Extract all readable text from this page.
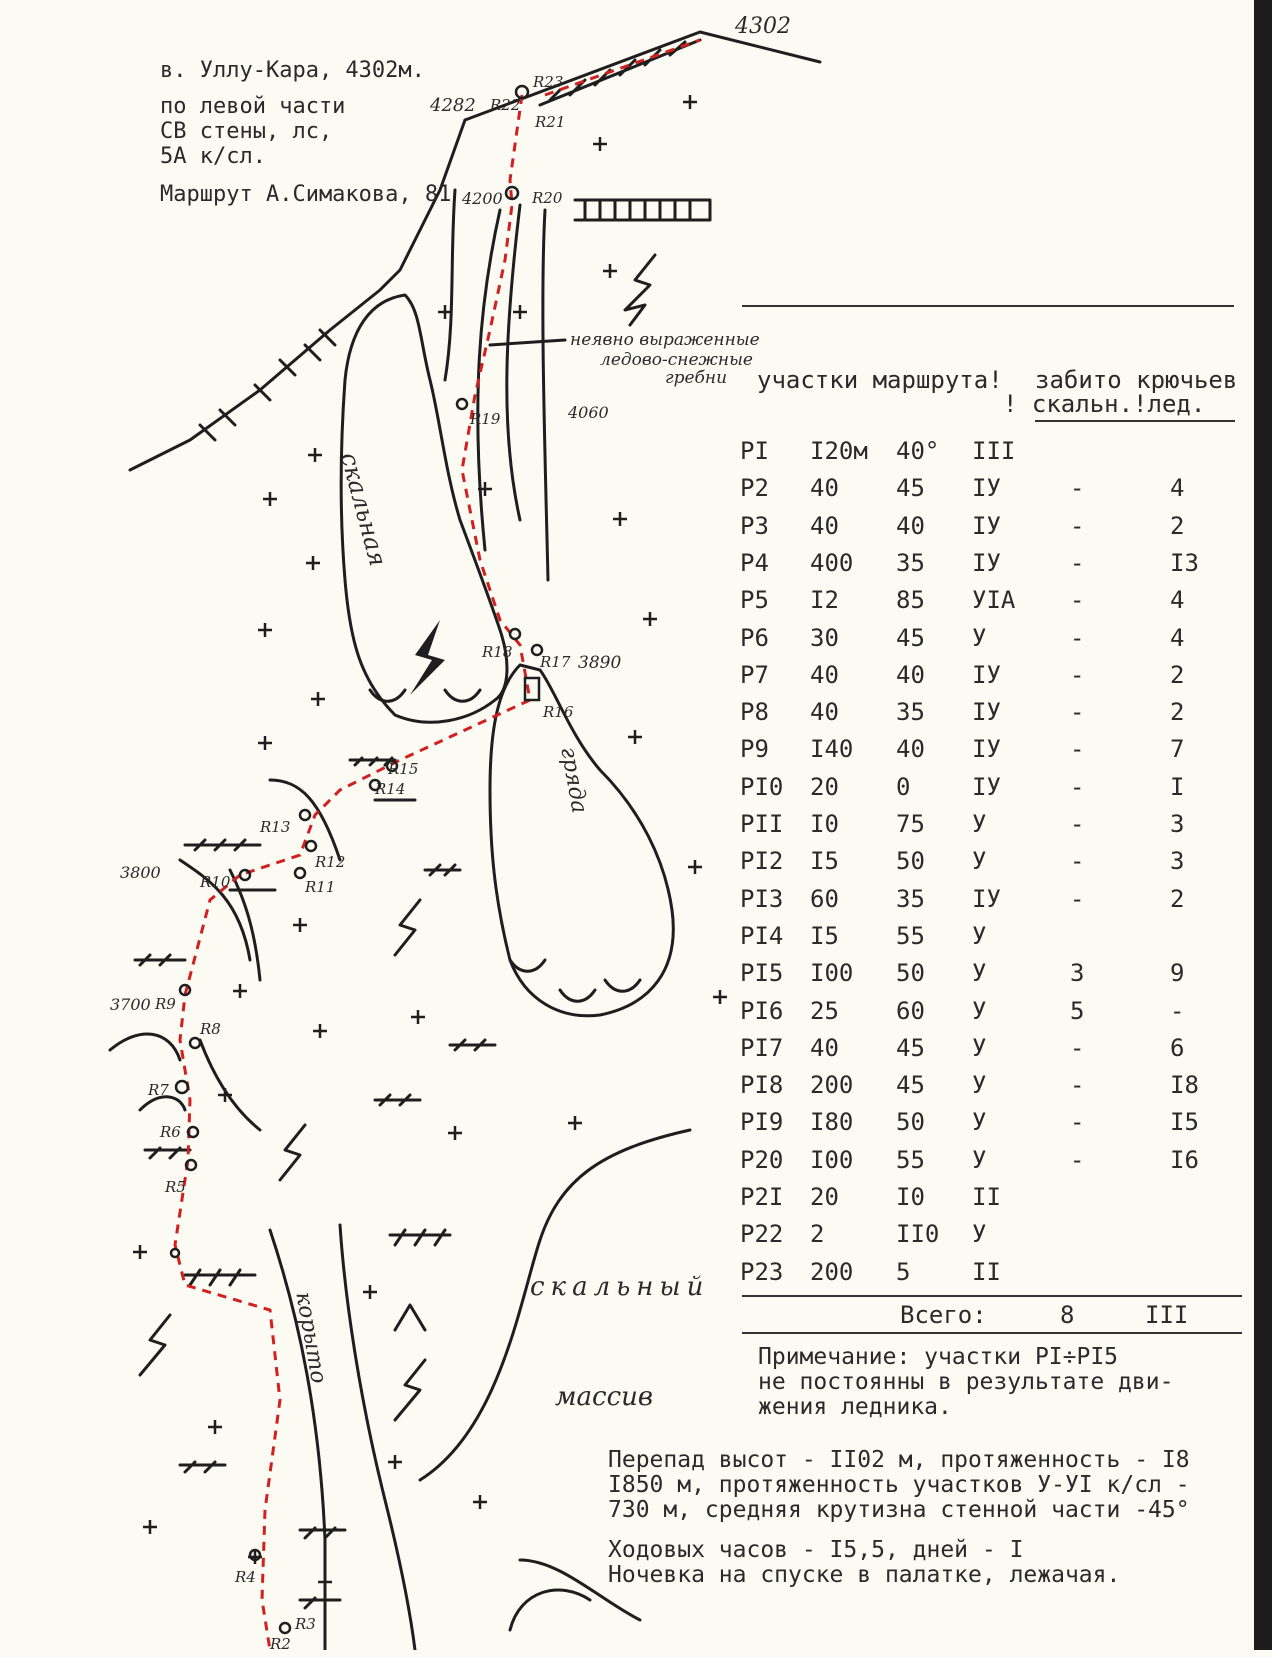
в. Уллу-Кара, 4302м.
по левой части
СВ стены, лс,
5А к/сл.
Маршрут А.Симакова, 81
4302
4282
4200
4060
3890
3800
3700
неявно выраженные
ледово-снежные
гребни
скальная
гряда
скальный
массив
корыто
R2
R3
R4
R5
R6
R7
R8
R9
R10	R11
R12
R13
R14
R15
R16
R17
R18
R19
R20
R21
R22
R23
участки маршрута! забито крючьев
! скальн.!лед.
PI I20м 40° III
P2 40 45 IУ	-	4
P3 40 40 IУ	-	2
P4 400 35 IУ	-	I3
P5 I2 85 УIА -	4
P6 30 45 У	-	4
P7 40 40 IУ	-	2
P8 40 35 IУ	-	2
P9 I40 40 IУ	-	7
PI0 20 0	IУ	-	I
PII I0 75 У	-	3
PI2 I5 50 У	-	3
PI3 60 35 IУ	-	2
PI4 I5 55 У
PI5 I00 50 У	3	9
PI6 25 60 У	5	-
PI7 40 45 У	-	6
PI8 200 45 У	-	I8
PI9 I80 50 У	-	I5
P20 I00 55 У	-	I6
P2I 20 I0 II
P22 2	II0 У
P23 200 5	II
Всего:	8	III
Примечание: участки PI÷PI5
не постоянны в результате дви-
жения ледника.
Перепад высот - II02 м, протяженность - I8
I850 м, протяженность участков У-УI к/сл -
730 м, средняя крутизна стенной части -45°
Ходовых часов - I5,5, дней - I
Ночевка на спуске в палатке, лежачая.
